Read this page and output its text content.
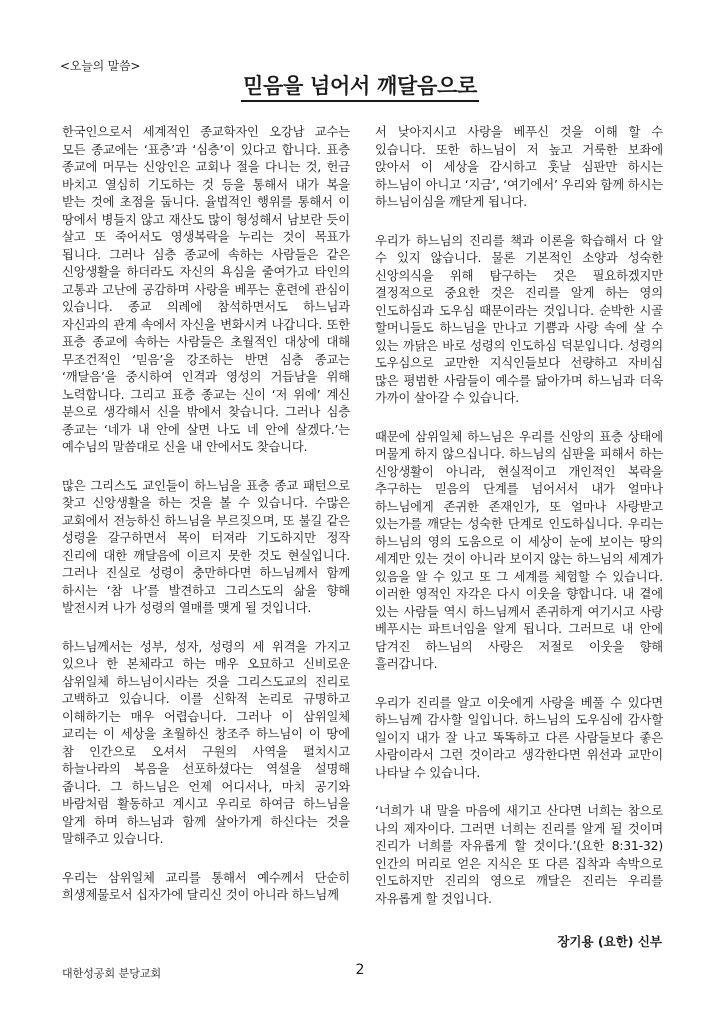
<오늘의 말씀>
믿음을 넘어서 깨달음으로

한국인으로서 세계적인 종교학자인 오강남 교수는 모든 종교에는 ‘표층’과 ‘심층’이 있다고 합니다. 표층 종교에 머무는 신앙인은 교회나 절을 다니는 것, 헌금 바치고 열심히 기도하는 것 등을 통해서 내가 복을 받는 것에 초점을 둡니다. 율법적인 행위를 통해서 이 땅에서 병들지 않고 재산도 많이 형성해서 남보란 듯이 살고 또 죽어서도 영생복락을 누리는 것이 목표가 됩니다. 그러나 심층 종교에 속하는 사람들은 같은 신앙생활을 하더라도 자신의 욕심을 줄여가고 타인의 고통과 고난에 공감하며 사랑을 베푸는 훈련에 관심이 있습니다. 종교 의례에 참석하면서도 하느님과 자신과의 관계 속에서 자신을 변화시켜 나갑니다. 또한 표층 종교에 속하는 사람들은 초월적인 대상에 대해 무조건적인 ‘믿음’을 강조하는 반면 심층 종교는 ‘깨달음’을 중시하여 인격과 영성의 거듭남을 위해 노력합니다. 그리고 표층 종교는 신이 ‘저 위에’ 계신 분으로 생각해서 신을 밖에서 찾습니다. 그러나 심층 종교는 ‘네가 내 안에 살면 나도 네 안에 살겠다.’는 예수님의 말씀대로 신을 내 안에서도 찾습니다.

많은 그리스도 교인들이 하느님을 표층 종교 패턴으로 찾고 신앙생활을 하는 것을 볼 수 있습니다. 수많은 교회에서 전능하신 하느님을 부르짖으며, 또 불길 같은 성령을 갈구하면서 목이 터져라 기도하지만 정작 진리에 대한 깨달음에 이르지 못한 것도 현실입니다. 그러나 진실로 성령이 충만하다면 하느님께서 함께 하시는 ‘참 나’를 발견하고 그리스도의 삶을 향해 발전시켜 나가 성령의 열매를 맺게 될 것입니다.

하느님께서는 성부, 성자, 성령의 세 위격을 가지고 있으나 한 본체라고 하는 매우 오묘하고 신비로운 삼위일체 하느님이시라는 것을 그리스도교의 진리로 고백하고 있습니다. 이를 신학적 논리로 규명하고 이해하기는 매우 어렵습니다. 그러나 이 삼위일체 교리는 이 세상을 초월하신 창조주 하느님이 이 땅에 참 인간으로 오셔서 구원의 사역을 펼치시고 하늘나라의 복음을 선포하셨다는 역설을 설명해 줍니다. 그 하느님은 언제 어디서나, 마치 공기와 바람처럼 활동하고 계시고 우리로 하여금 하느님을 알게 하며 하느님과 함께 살아가게 하신다는 것을 말해주고 있습니다.

우리는 삼위일체 교리를 통해서 예수께서 단순히 희생제물로서 십자가에 달리신 것이 아니라 하느님께

서 낮아지시고 사랑을 베푸신 것을 이해 할 수 있습니다. 또한 하느님이 저 높고 거룩한 보좌에 앉아서 이 세상을 감시하고 훗날 심판만 하시는 하느님이 아니고 ‘지금’, ‘여기에서’ 우리와 함께 하시는 하느님이심을 깨닫게 됩니다.

우리가 하느님의 진리를 책과 이론을 학습해서 다 알 수 있지 않습니다. 물론 기본적인 소양과 성숙한 신앙의식을 위해 탐구하는 것은 필요하겠지만 결정적으로 중요한 것은 진리를 알게 하는 영의 인도하심과 도우심 때문이라는 것입니다. 순박한 시골 할머니들도 하느님을 만나고 기쁨과 사랑 속에 살 수 있는 까닭은 바로 성령의 인도하심 덕분입니다. 성령의 도우심으로 교만한 지식인들보다 선량하고 자비심 많은 평범한 사람들이 예수를 닮아가며 하느님과 더욱 가까이 살아갈 수 있습니다.

때문에 삼위일체 하느님은 우리를 신앙의 표층 상태에 머물게 하지 않으십니다. 하느님의 심판을 피해서 하는 신앙생활이 아니라, 현실적이고 개인적인 복락을 추구하는 믿음의 단계를 넘어서서 내가 얼마나 하느님에게 존귀한 존재인가, 또 얼마나 사랑받고 있는가를 깨닫는 성숙한 단계로 인도하십니다. 우리는 하느님의 영의 도움으로 이 세상이 눈에 보이는 땅의 세계만 있는 것이 아니라 보이지 않는 하느님의 세계가 있음을 알 수 있고 또 그 세계를 체험할 수 있습니다. 이러한 영적인 자각은 다시 이웃을 향합니다. 내 곁에 있는 사람들 역시 하느님께서 존귀하게 여기시고 사랑 베푸시는 파트너임을 알게 됩니다. 그러므로 내 안에 담겨진 하느님의 사랑은 저절로 이웃을 향해 흘러갑니다.

우리가 진리를 알고 이웃에게 사랑을 베풀 수 있다면 하느님께 감사할 일입니다. 하느님의 도우심에 감사할 일이지 내가 잘 나고 똑똑하고 다른 사람들보다 좋은 사람이라서 그런 것이라고 생각한다면 위선과 교만이 나타날 수 있습니다.

‘너희가 내 말을 마음에 새기고 산다면 너희는 참으로 나의 제자이다. 그러면 너희는 진리를 알게 될 것이며 진리가 너희를 자유롭게 할 것이다.’(요한 8:31-32) 인간의 머리로 얻은 지식은 또 다른 집착과 속박으로 인도하지만 진리의 영으로 깨달은 진리는 우리를 자유롭게 할 것입니다.

장기용 (요한) 신부
대한성공회 분당교회	2
